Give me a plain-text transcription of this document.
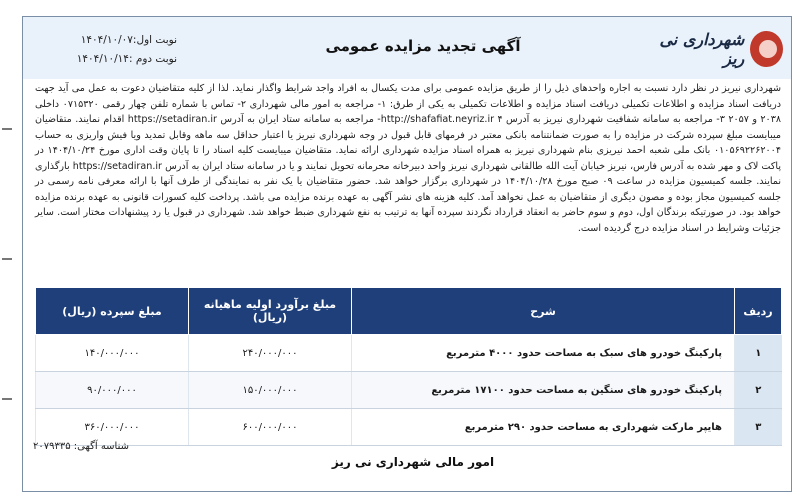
شهرداری نی ریز
آگهی تجدید مزایده عمومی
نوبت اول:۱۴۰۴/۱۰/۰۷
نوبت دوم :۱۴۰۴/۱۰/۱۴
شهرداری نیریز در نظر دارد نسبت به اجاره واحدهای ذیل را از طریق مزایده عمومی برای مدت یکسال به افراد واجد شرایط واگذار نماید. لذا از کلیه متقاضیان دعوت به عمل می آید جهت دریافت اسناد مزایده و اطلاعات تکمیلی دریافت اسناد مزایده و اطلاعات تکمیلی به یکی از طرق: ۱- مراجعه به امور مالی شهرداری ۲- تماس با شماره تلفن چهار رقمی ۰۷۱۵۳۲۰ داخلی ۲۰۳۸ و ۲۰۵۷ ۳- مراجعه به سامانه شفافیت شهرداری نیریز به آدرس http://shafafiat.neyriz.ir ۴- مراجعه به سامانه ستاد ایران به آدرس https://setadiran.ir اقدام نمایند. متقاضیان میبایست مبلغ سپرده شرکت در مزایده را به صورت ضمانتنامه بانکی معتبر در فرمهای قابل قبول در وجه شهرداری نیریز یا اعتبار حداقل سه ماهه وقابل تمدید ویا فیش واریزی به حساب ۰۱۰۵۶۹۲۲۶۲۰۰۴ بانک ملی شعبه احمد نیریزی بنام شهرداری نیریز به همراه اسناد مزایده شهرداری ارائه نماید. متقاضیان میبایست کلیه اسناد را تا پایان وقت اداری مورخ ۱۴۰۴/۱۰/۲۴ در پاکت لاک و مهر شده به آدرس فارس، نیریز خیابان آیت الله طالقانی شهرداری نیریز واحد دبیرخانه محرمانه تحویل نمایند و یا در سامانه ستاد ایران به آدرس https://setadiran.ir بارگذاری نمایند. جلسه کمیسیون مزایده در ساعت ۰۹ صبح مورخ ۱۴۰۴/۱۰/۲۸ در شهرداری برگزار خواهد شد. حضور متقاضیان یا یک نفر به نمایندگی از طرف آنها با ارائه معرفی نامه رسمی در جلسه کمیسیون مجاز بوده و مصون دیگری از متقاضیان به عمل نخواهد آمد. کلیه هزینه های نشر آگهی به عهده برنده مزایده می باشد. پرداخت کلیه کسورات قانونی به عهده برنده مزایده خواهد بود. در صورتیکه برندگان اول، دوم و سوم حاضر به انعقاد قرارداد نگردند سپرده آنها به ترتیب به نفع شهرداری ضبط خواهد شد. شهرداری در قبول یا رد پیشنهادات مختار است. سایر جزئیات وشرایط در اسناد مزایده درج گردیده است.
ردیف	شرح	مبلغ برآورد اولیه ماهیانه (ریال)	مبلغ سپرده (ریال)
۱	پارکینگ خودرو های سبک به مساحت حدود ۴۰۰۰ مترمربع	۲۴۰/۰۰۰/۰۰۰	۱۴۰/۰۰۰/۰۰۰
۲	پارکینگ خودرو های سنگین به مساحت حدود ۱۷۱۰۰ مترمربع	۱۵۰/۰۰۰/۰۰۰	۹۰/۰۰۰/۰۰۰
۳	هایپر مارکت شهرداری به مساحت حدود ۲۹۰ مترمربع	۶۰۰/۰۰۰/۰۰۰	۳۶۰/۰۰۰/۰۰۰
شناسه آگهی: ۲۰۷۹۳۳۵
امور مالی شهرداری نی ریز
